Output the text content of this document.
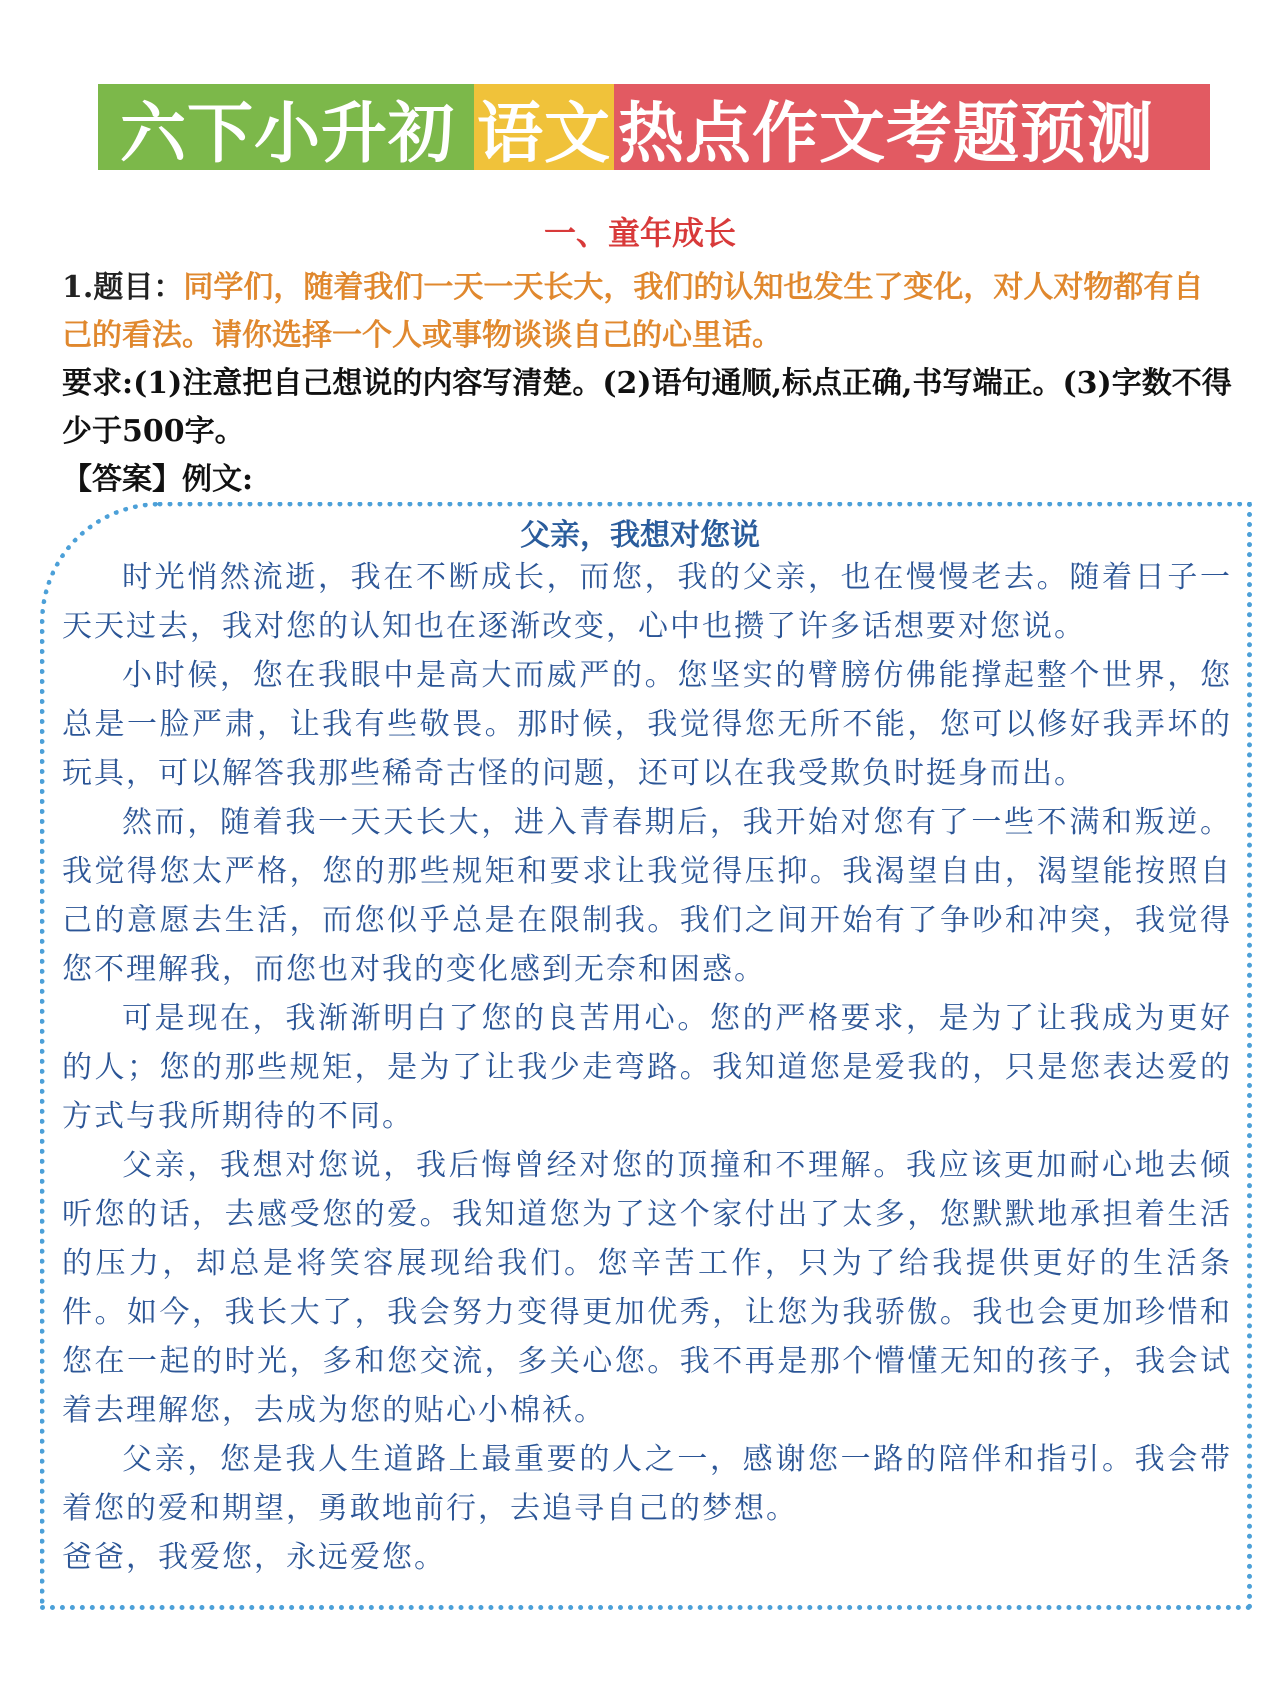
六下小升初 语文 热点作文考题预测
一、童年成长
1.题目：同学们，随着我们一天一天长大，我们的认知也发生了变化，对人对物都有自己的看法。请你选择一个人或事物谈谈自己的心里话。
要求:(1)注意把自己想说的内容写清楚。(2)语句通顺,标点正确,书写端正。(3)字数不得少于500字。
【答案】例文:
父亲，我想对您说

时光悄然流逝，我在不断成长，而您，我的父亲，也在慢慢老去。随着日子一天天过去，我对您的认知也在逐渐改变，心中也攒了许多话想要对您说。

小时候，您在我眼中是高大而威严的。您坚实的臂膀仿佛能撑起整个世界，您总是一脸严肃，让我有些敬畏。那时候，我觉得您无所不能，您可以修好我弄坏的玩具，可以解答我那些稀奇古怪的问题，还可以在我受欺负时挺身而出。

然而，随着我一天天长大，进入青春期后，我开始对您有了一些不满和叛逆。我觉得您太严格，您的那些规矩和要求让我觉得压抑。我渴望自由，渴望能按照自己的意愿去生活，而您似乎总是在限制我。我们之间开始有了争吵和冲突，我觉得您不理解我，而您也对我的变化感到无奈和困惑。

可是现在，我渐渐明白了您的良苦用心。您的严格要求，是为了让我成为更好的人；您的那些规矩，是为了让我少走弯路。我知道您是爱我的，只是您表达爱的方式与我所期待的不同。

父亲，我想对您说，我后悔曾经对您的顶撞和不理解。我应该更加耐心地去倾听您的话，去感受您的爱。我知道您为了这个家付出了太多，您默默地承担着生活的压力，却总是将笑容展现给我们。您辛苦工作，只为了给我提供更好的生活条件。如今，我长大了，我会努力变得更加优秀，让您为我骄傲。我也会更加珍惜和您在一起的时光，多和您交流，多关心您。我不再是那个懵懂无知的孩子，我会试着去理解您，去成为您的贴心小棉袄。

父亲，您是我人生道路上最重要的人之一，感谢您一路的陪伴和指引。我会带着您的爱和期望，勇敢地前行，去追寻自己的梦想。

爸爸，我爱您，永远爱您。
